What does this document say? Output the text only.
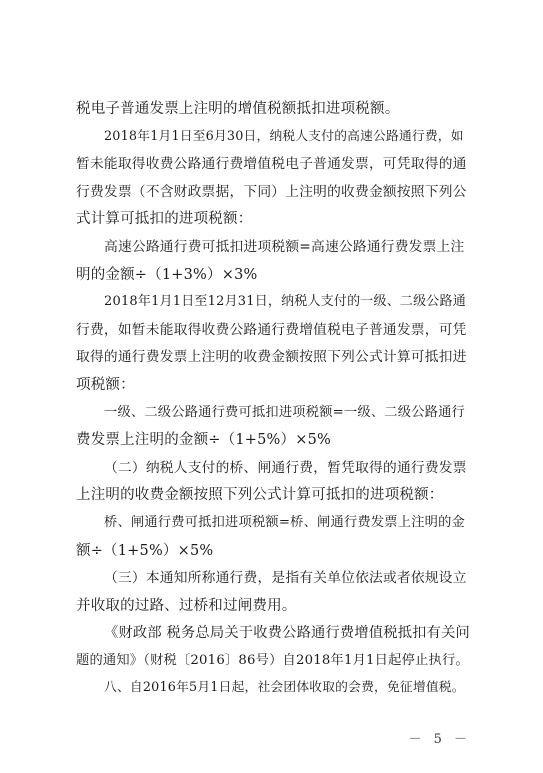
税电子普通发票上注明的增值税额抵扣进项税额。
2018年1月1日至6月30日，纳税人支付的高速公路通行费，如
暂未能取得收费公路通行费增值税电子普通发票，可凭取得的通
行费发票（不含财政票据，下同）上注明的收费金额按照下列公
式计算可抵扣的进项税额：
高速公路通行费可抵扣进项税额=高速公路通行费发票上注
明的金额÷（1+3%）×3%
2018年1月1日至12月31日，纳税人支付的一级、二级公路通
行费，如暂未能取得收费公路通行费增值税电子普通发票，可凭
取得的通行费发票上注明的收费金额按照下列公式计算可抵扣进
项税额：
一级、二级公路通行费可抵扣进项税额=一级、二级公路通行
费发票上注明的金额÷（1+5%）×5%
（二）纳税人支付的桥、闸通行费，暂凭取得的通行费发票
上注明的收费金额按照下列公式计算可抵扣的进项税额：
桥、闸通行费可抵扣进项税额=桥、闸通行费发票上注明的金
额÷（1+5%）×5%
（三）本通知所称通行费，是指有关单位依法或者依规设立
并收取的过路、过桥和过闸费用。
《财政部 税务总局关于收费公路通行费增值税抵扣有关问
题的通知》（财税〔2016〕86号）自2018年1月1日起停止执行。
八、自2016年5月1日起，社会团体收取的会费，免征增值税。
－ 5 －
